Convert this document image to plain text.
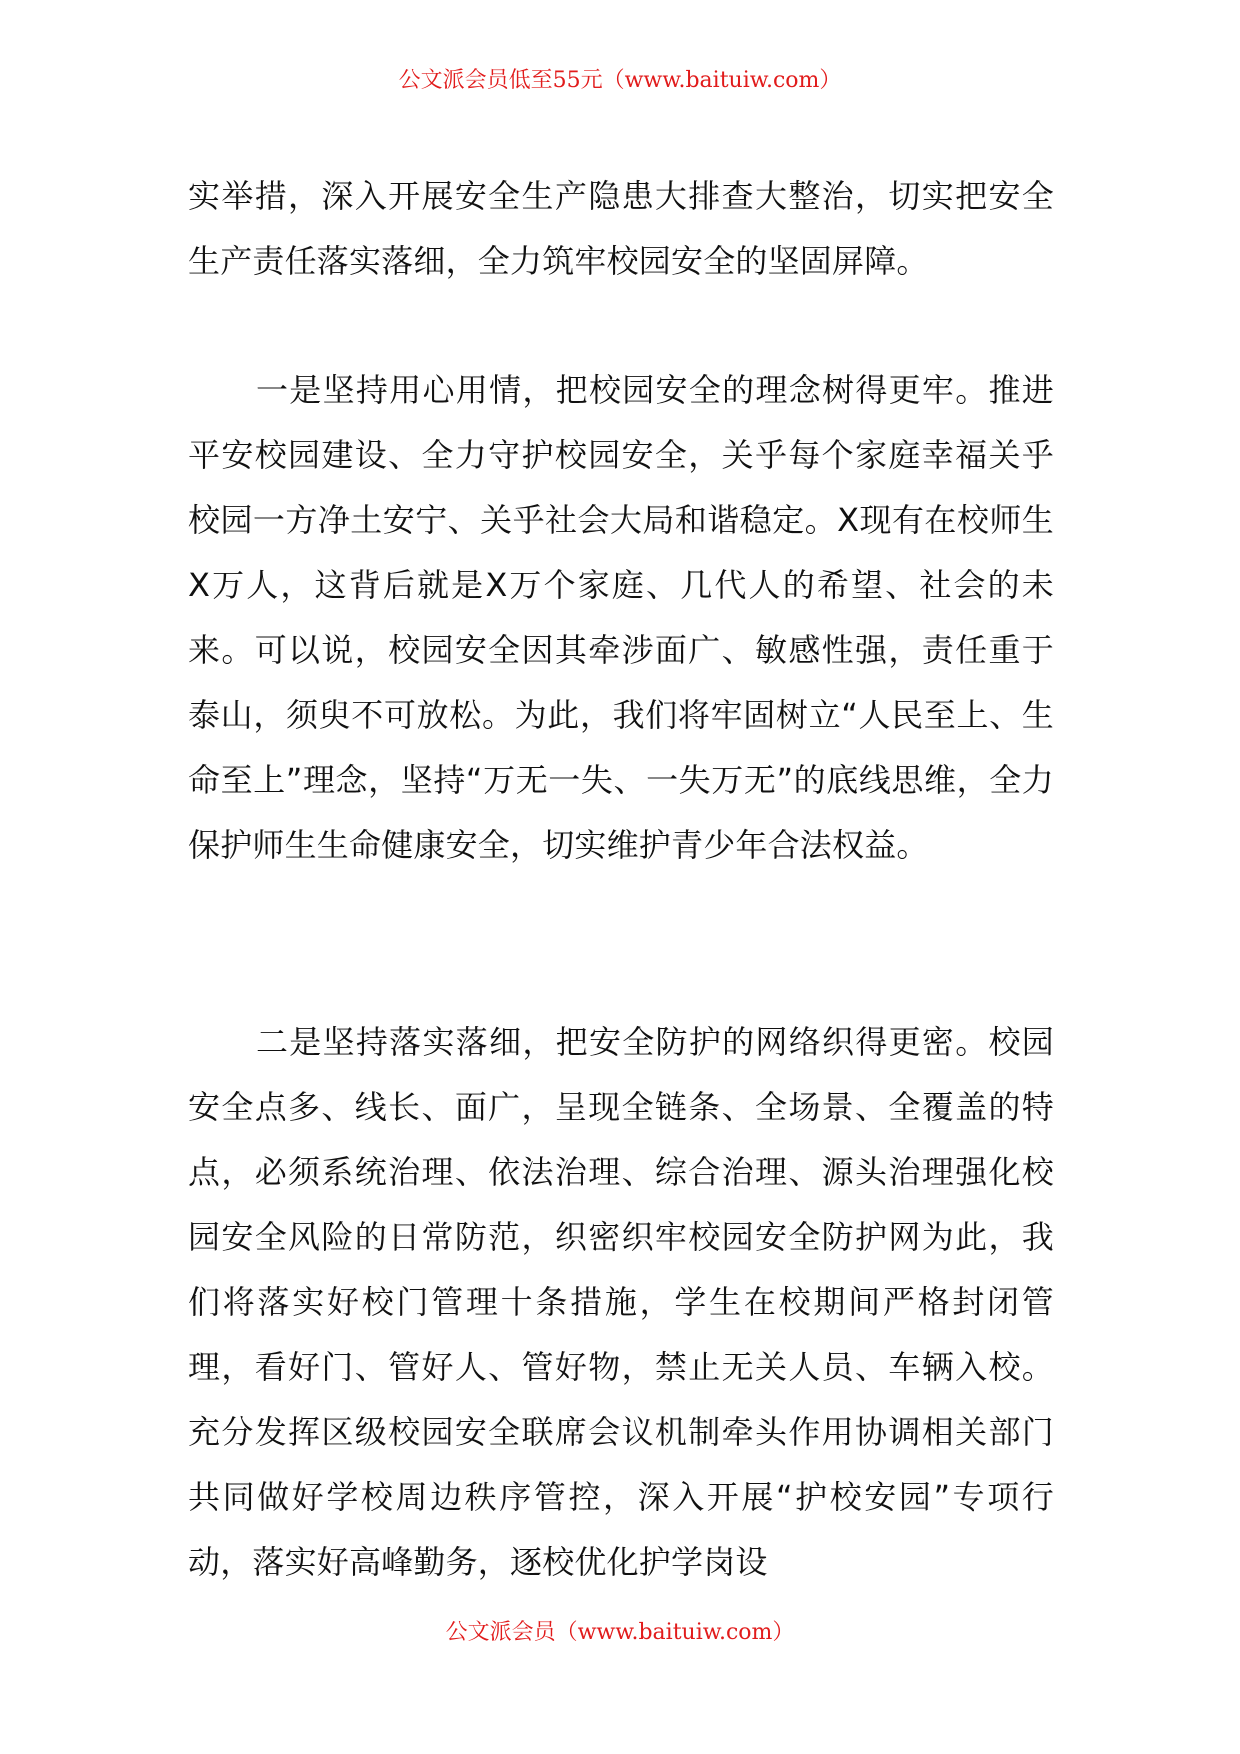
公文派会员低至55元（www.baituiw.com）

实举措，深入开展安全生产隐患大排查大整治，切实把安全生产责任落实落细，全力筑牢校园安全的坚固屏障。

一是坚持用心用情，把校园安全的理念树得更牢。推进平安校园建设、全力守护校园安全，关乎每个家庭幸福关乎校园一方净土安宁、关乎社会大局和谐稳定。X现有在校师生X万人，这背后就是X万个家庭、几代人的希望、社会的未来。可以说，校园安全因其牵涉面广、敏感性强，责任重于泰山，须臾不可放松。为此，我们将牢固树立“人民至上、生命至上”理念，坚持“万无一失、一失万无”的底线思维，全力保护师生生命健康安全，切实维护青少年合法权益。

二是坚持落实落细，把安全防护的网络织得更密。校园安全点多、线长、面广，呈现全链条、全场景、全覆盖的特点，必须系统治理、依法治理、综合治理、源头治理强化校园安全风险的日常防范，织密织牢校园安全防护网为此，我们将落实好校门管理十条措施，学生在校期间严格封闭管理，看好门、管好人、管好物，禁止无关人员、车辆入校。充分发挥区级校园安全联席会议机制牵头作用协调相关部门共同做好学校周边秩序管控，深入开展“护校安园”专项行动，落实好高峰勤务，逐校优化护学岗设

公文派会员（www.baituiw.com）
